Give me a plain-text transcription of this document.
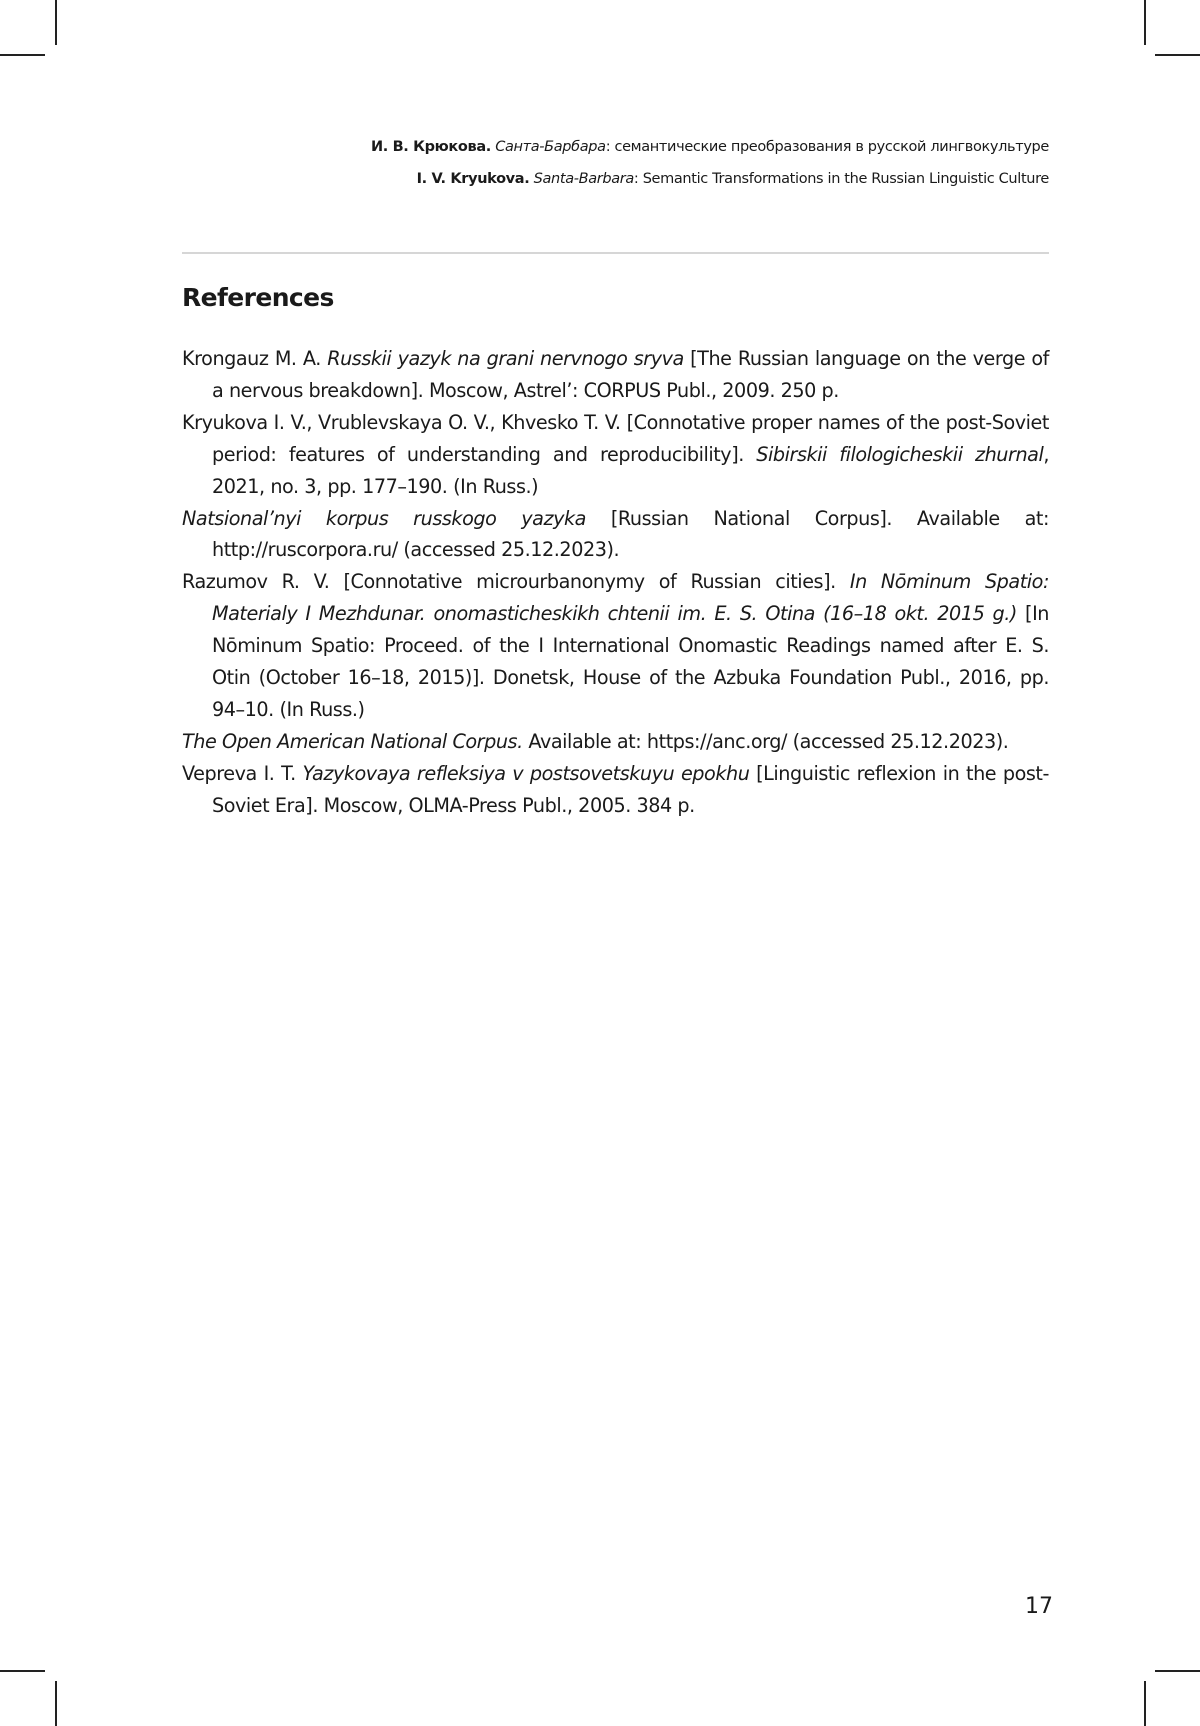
И. В. Крюкова. Санта-Барбара: семантические преобразования в русской лингвокультуре
I. V. Kryukova. Santa-Barbara: Semantic Transformations in the Russian Linguistic Culture
References
Krongauz M. A. Russkii yazyk na grani nervnogo sryva [The Russian language on the verge of a nervous breakdown]. Moscow, Astrel’: CORPUS Publ., 2009. 250 p.
Kryukova I. V., Vrublevskaya O. V., Khvesko T. V. [Connotative proper names of the post-Soviet period: features of understanding and reproducibility]. Sibirskii filologicheskii zhurnal, 2021, no. 3, pp. 177–190. (In Russ.)
Natsional’nyi korpus russkogo yazyka [Russian National Corpus]. Available at: http://ruscorpora.ru/ (accessed 25.12.2023).
Razumov R. V. [Connotative microurbanonymy of Russian cities]. In Nōminum Spatio: Materialy I Mezhdunar. onomasticheskikh chtenii im. E. S. Otina (16–18 okt. 2015 g.) [In Nōminum Spatio: Proceed. of the I International Onomastic Readings named after E. S. Otin (October 16–18, 2015)]. Donetsk, House of the Azbuka Foundation Publ., 2016, pp. 94–10. (In Russ.)
The Open American National Corpus. Available at: https://anc.org/ (accessed 25.12.2023).
Vepreva I. T. Yazykovaya refleksiya v postsovetskuyu epokhu [Linguistic reflexion in the post-Soviet Era]. Moscow, OLMA-Press Publ., 2005. 384 p.
17
